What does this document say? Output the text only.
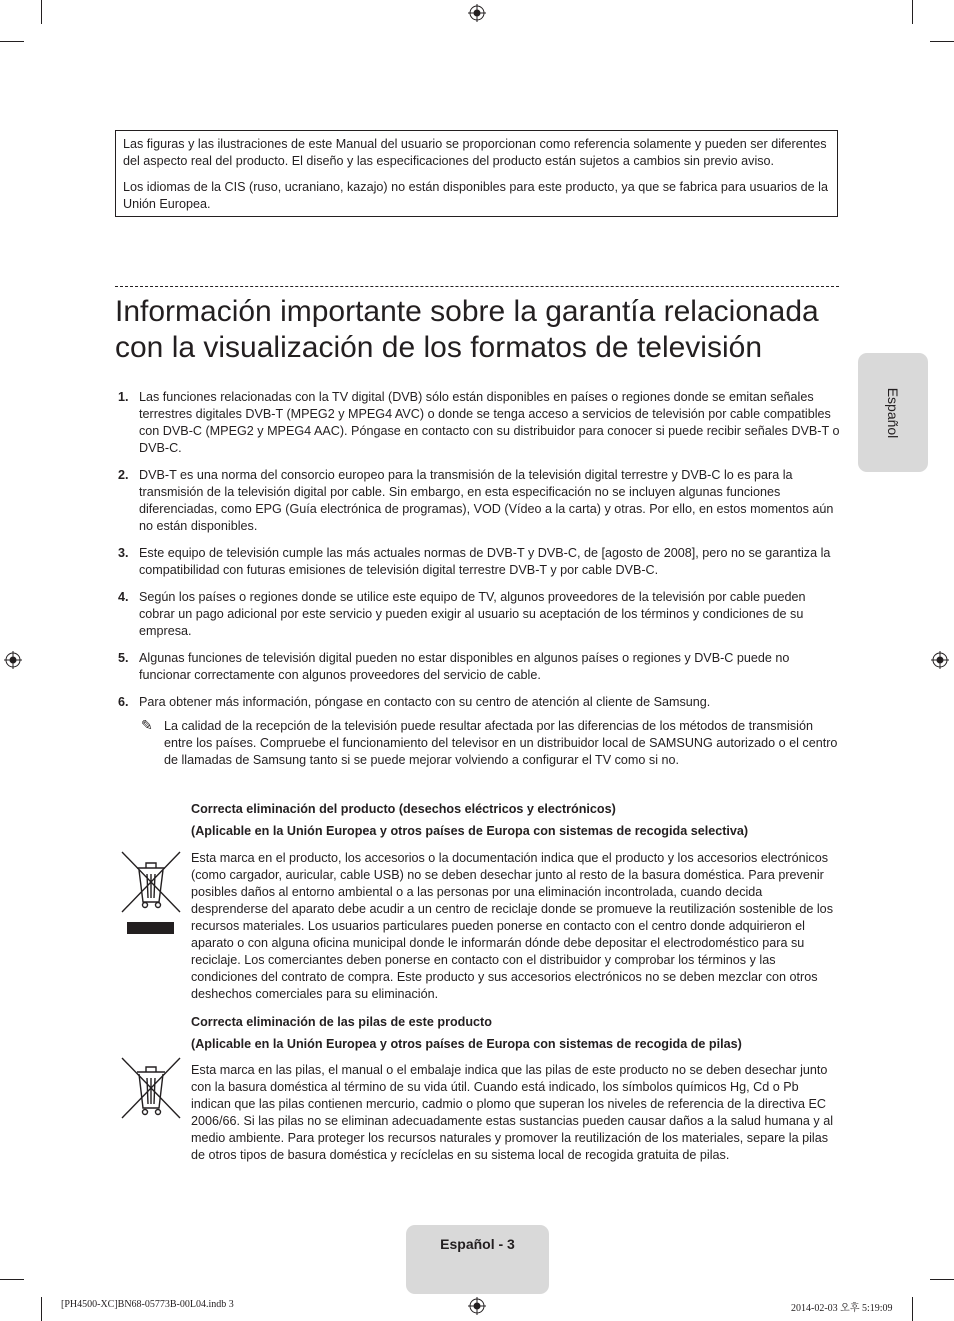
Las figuras y las ilustraciones de este Manual del usuario se proporcionan como referencia solamente y pueden ser diferentes del aspecto real del producto. El diseño y las especificaciones del producto están sujetos a cambios sin previo aviso.

Los idiomas de la CIS (ruso, ucraniano, kazajo) no están disponibles para este producto, ya que se fabrica para usuarios de la Unión Europea.

Información importante sobre la garantía relacionada
con la visualización de los formatos de televisión
1. Las funciones relacionadas con la TV digital (DVB) sólo están disponibles en países o regiones donde se emitan señales terrestres digitales DVB-T (MPEG2 y MPEG4 AVC) o donde se tenga acceso a servicios de televisión por cable compatibles con DVB-C (MPEG2 y MPEG4 AAC). Póngase en contacto con su distribuidor para conocer si puede recibir señales DVB-T o DVB-C.
2. DVB-T es una norma del consorcio europeo para la transmisión de la televisión digital terrestre y DVB-C lo es para la transmisión de la televisión digital por cable. Sin embargo, en esta especificación no se incluyen algunas funciones diferenciadas, como EPG (Guía electrónica de programas), VOD (Vídeo a la carta) y otras. Por ello, en estos momentos aún no están disponibles.
3. Este equipo de televisión cumple las más actuales normas de DVB-T y DVB-C, de [agosto de 2008], pero no se garantiza la compatibilidad con futuras emisiones de televisión digital terrestre DVB-T y por cable DVB-C.
4. Según los países o regiones donde se utilice este equipo de TV, algunos proveedores de la televisión por cable pueden cobrar un pago adicional por este servicio y pueden exigir al usuario su aceptación de los términos y condiciones de su empresa.
5. Algunas funciones de televisión digital pueden no estar disponibles en algunos países o regiones y DVB-C puede no funcionar correctamente con algunos proveedores del servicio de cable.
6. Para obtener más información, póngase en contacto con su centro de atención al cliente de Samsung.
✎ La calidad de la recepción de la televisión puede resultar afectada por las diferencias de los métodos de transmisión entre los países. Compruebe el funcionamiento del televisor en un distribuidor local de SAMSUNG autorizado o el centro de llamadas de Samsung tanto si se puede mejorar volviendo a configurar el TV como si no.
Correcta eliminación del producto (desechos eléctricos y electrónicos)
(Aplicable en la Unión Europea y otros países de Europa con sistemas de recogida selectiva)
Esta marca en el producto, los accesorios o la documentación indica que el producto y los accesorios electrónicos (como cargador, auricular, cable USB) no se deben desechar junto al resto de la basura doméstica. Para prevenir posibles daños al entorno ambiental o a las personas por una eliminación incontrolada, cuando decida desprenderse del aparato debe acudir a un centro de reciclaje donde se promueve la reutilización sostenible de los recursos materiales. Los usuarios particulares pueden ponerse en contacto con el centro donde adquirieron el aparato o con alguna oficina municipal donde le informarán dónde debe depositar el electrodoméstico para su reciclaje. Los comerciantes deben ponerse en contacto con el distribuidor y comprobar los términos y las condiciones del contrato de compra. Este producto y sus accesorios electrónicos no se deben mezclar con otros deshechos comerciales para su eliminación.
Correcta eliminación de las pilas de este producto
(Aplicable en la Unión Europea y otros países de Europa con sistemas de recogida de pilas)
Esta marca en las pilas, el manual o el embalaje indica que las pilas de este producto no se deben desechar junto con la basura doméstica al término de su vida útil. Cuando está indicado, los símbolos químicos Hg, Cd o Pb indican que las pilas contienen mercurio, cadmio o plomo que superan los niveles de referencia de la directiva EC 2006/66. Si las pilas no se eliminan adecuadamente estas sustancias pueden causar daños a la salud humana y al medio ambiente. Para proteger los recursos naturales y promover la reutilización de los materiales, separe la pilas de otros tipos de basura doméstica y recíclelas en su sistema local de recogida gratuita de pilas.
Español
Español - 3
[PH4500-XC]BN68-05773B-00L04.indb 3	2014-02-03 오후 5:19:09
